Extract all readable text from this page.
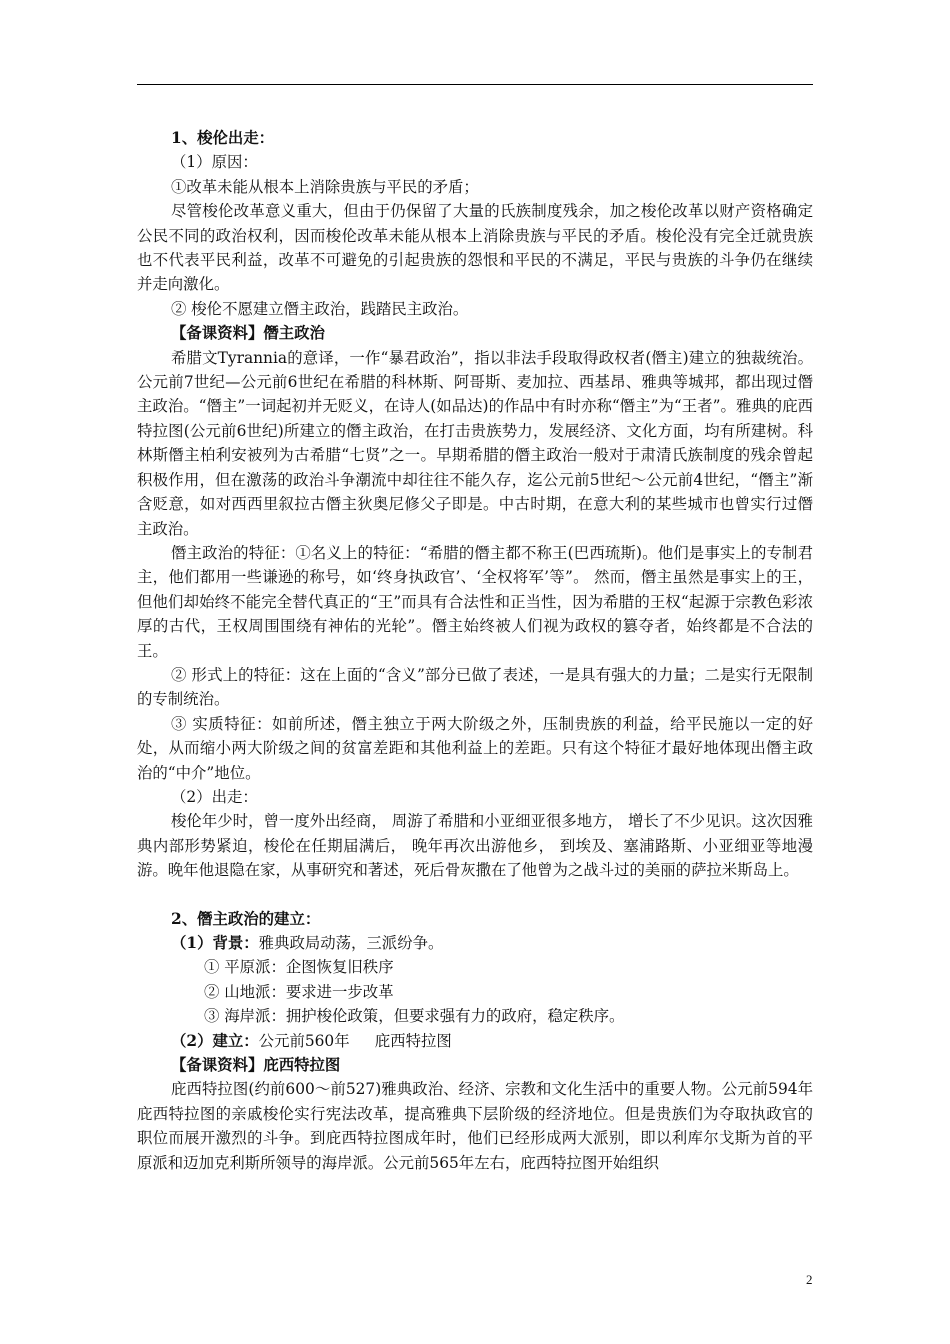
1、梭伦出走：

（1）原因：

①改革未能从根本上消除贵族与平民的矛盾；

尽管梭伦改革意义重大，但由于仍保留了大量的氏族制度残余，加之梭伦改革以财产资格确定公民不同的政治权利，因而梭伦改革未能从根本上消除贵族与平民的矛盾。梭伦没有完全迁就贵族也不代表平民利益，改革不可避免的引起贵族的怨恨和平民的不满足，平民与贵族的斗争仍在继续并走向激化。

② 梭伦不愿建立僭主政治，践踏民主政治。

【备课资料】僭主政治

希腊文Tyrannia的意译，一作“暴君政治”，指以非法手段取得政权者(僭主)建立的独裁统治。公元前7世纪—公元前6世纪在希腊的科林斯、阿哥斯、麦加拉、西基昂、雅典等城邦，都出现过僭主政治。“僭主”一词起初并无贬义，在诗人(如品达)的作品中有时亦称“僭主”为“王者”。雅典的庇西特拉图(公元前6世纪)所建立的僭主政治，在打击贵族势力，发展经济、文化方面，均有所建树。科林斯僭主柏利安被列为古希腊“七贤”之一。早期希腊的僭主政治一般对于肃清氏族制度的残余曾起积极作用，但在激荡的政治斗争潮流中却往往不能久存，迄公元前5世纪～公元前4世纪，“僭主”渐含贬意，如对西西里叙拉古僭主狄奥尼修父子即是。中古时期，在意大利的某些城市也曾实行过僭主政治。

僭主政治的特征：①名义上的特征：“希腊的僭主都不称王(巴西琉斯)。他们是事实上的专制君主，他们都用一些谦逊的称号，如‘终身执政官’、‘全权将军’等”。 然而，僭主虽然是事实上的王，但他们却始终不能完全替代真正的“王”而具有合法性和正当性，因为希腊的王权“起源于宗教色彩浓厚的古代，王权周围围绕有神佑的光轮”。僭主始终被人们视为政权的篡夺者，始终都是不合法的王。

② 形式上的特征：这在上面的“含义”部分已做了表述，一是具有强大的力量；二是实行无限制的专制统治。

③ 实质特征：如前所述，僭主独立于两大阶级之外，压制贵族的利益，给平民施以一定的好处，从而缩小两大阶级之间的贫富差距和其他利益上的差距。只有这个特征才最好地体现出僭主政治的“中介”地位。

（2）出走：

梭伦年少时，曾一度外出经商， 周游了希腊和小亚细亚很多地方， 增长了不少见识。这次因雅典内部形势紧迫，梭伦在任期届满后， 晚年再次出游他乡， 到埃及、塞浦路斯、小亚细亚等地漫游。晚年他退隐在家，从事研究和著述，死后骨灰撒在了他曾为之战斗过的美丽的萨拉米斯岛上。

2、僭主政治的建立：

（1）背景：雅典政局动荡，三派纷争。

① 平原派：企图恢复旧秩序

② 山地派：要求进一步改革

③ 海岸派：拥护梭伦政策，但要求强有力的政府，稳定秩序。

（2）建立：公元前560年 　 庇西特拉图

【备课资料】庇西特拉图

庇西特拉图(约前600～前527)雅典政治、经济、宗教和文化生活中的重要人物。公元前594年庇西特拉图的亲戚梭伦实行宪法改革，提高雅典下层阶级的经济地位。但是贵族们为夺取执政官的职位而展开激烈的斗争。到庇西特拉图成年时，他们已经形成两大派别，即以利库尔戈斯为首的平原派和迈加克利斯所领导的海岸派。公元前565年左右，庇西特拉图开始组织

2
